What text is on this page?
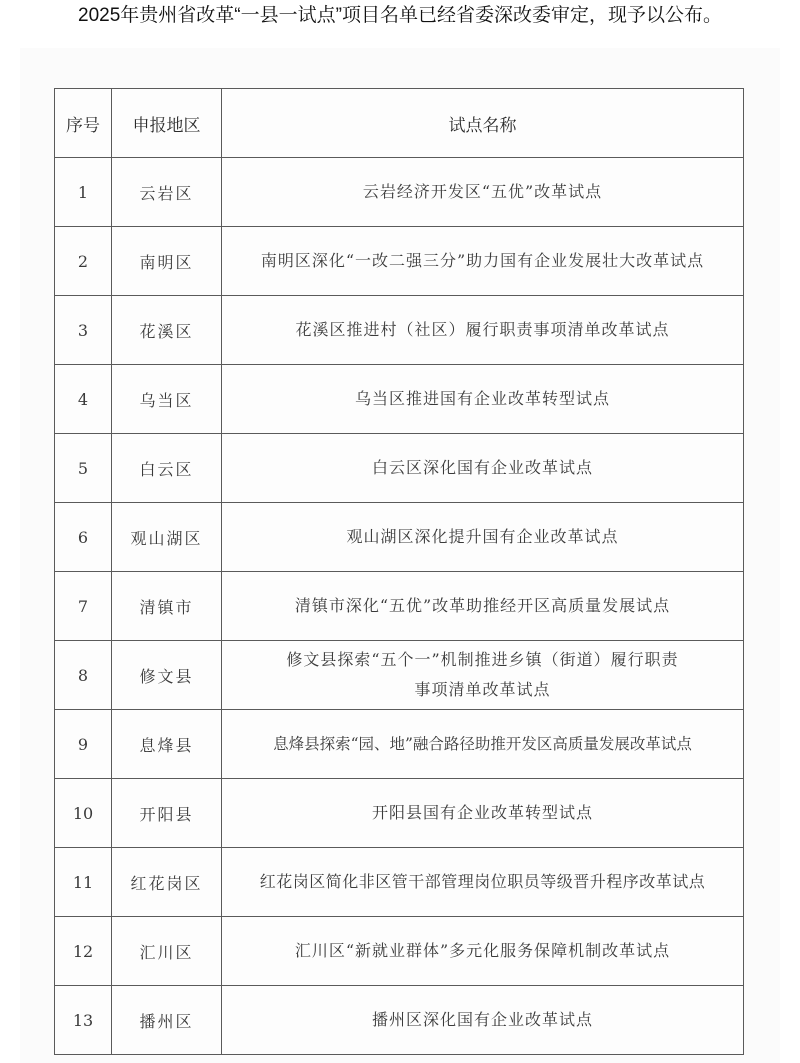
2025年贵州省改革“一县一试点”项目名单已经省委深改委审定，现予以公布。
序号	申报地区	试点名称
1	云岩区	云岩经济开发区“五优”改革试点
2	南明区	南明区深化“一改二强三分”助力国有企业发展壮大改革试点
3	花溪区	花溪区推进村（社区）履行职责事项清单改革试点
4	乌当区	乌当区推进国有企业改革转型试点
5	白云区	白云区深化国有企业改革试点
6	观山湖区	观山湖区深化提升国有企业改革试点
7	清镇市	清镇市深化“五优”改革助推经开区高质量发展试点
8	修文县	修文县探索“五个一”机制推进乡镇（街道）履行职责
事项清单改革试点

9	息烽县	息烽县探索“园、地”融合路径助推开发区高质量发展改革试点
10	开阳县	开阳县国有企业改革转型试点
11	红花岗区	红花岗区简化非区管干部管理岗位职员等级晋升程序改革试点
12	汇川区	汇川区“新就业群体”多元化服务保障机制改革试点
13	播州区	播州区深化国有企业改革试点
